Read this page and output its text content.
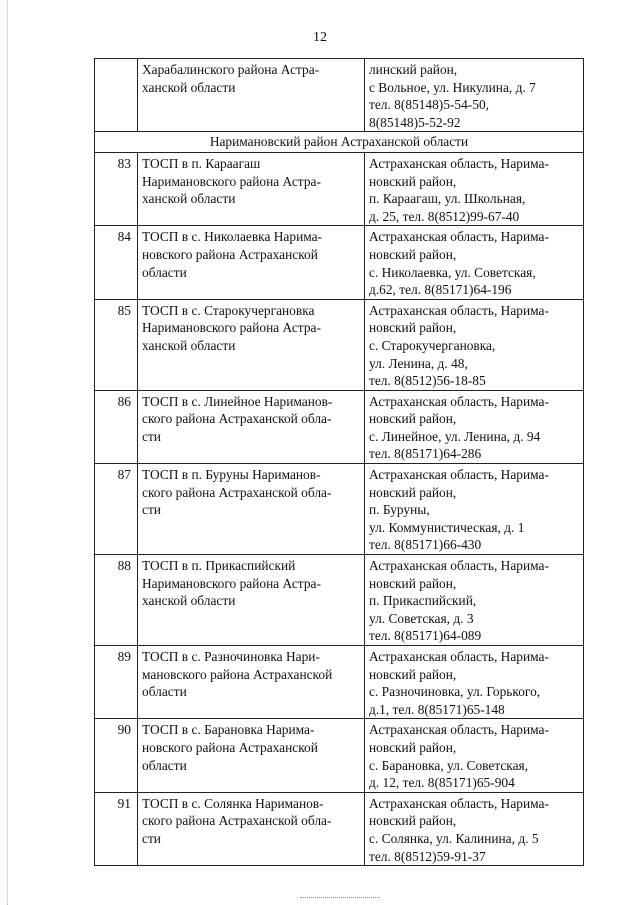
12

	Харабалинского района Астра-
ханской области	линский район,
с Вольное, ул. Никулина, д. 7
тел. 8(85148)5-54-50,
8(85148)5-52-92

Наримановский район Астраханской области		
83	ТОСП в п. Караагаш
Наримановского района Астра-
ханской области	Астраханская область, Нарима-
новский район,
п. Караагаш, ул. Школьная,
д. 25, тел. 8(8512)99-67-40

84	ТОСП в с. Николаевка Нарима-
новского района Астраханской
области	Астраханская область, Нарима-
новский район,
с. Николаевка, ул. Советская,
д.62, тел. 8(85171)64-196

85	ТОСП в с. Старокучергановка
Наримановского района Астра-
ханской области	Астраханская область, Нарима-
новский район,
с. Старокучергановка,
ул. Ленина, д. 48,
тел. 8(8512)56-18-85

86	ТОСП в с. Линейное Нариманов-
ского района Астраханской обла-
сти	Астраханская область, Нарима-
новский район,
с. Линейное, ул. Ленина, д. 94
тел. 8(85171)64-286

87	ТОСП в п. Буруны Нариманов-
ского района Астраханской обла-
сти	Астраханская область, Нарима-
новский район,
п. Буруны,
ул. Коммунистическая, д. 1
тел. 8(85171)66-430

88	ТОСП в п. Прикаспийский
Наримановского района Астра-
ханской области	Астраханская область, Нарима-
новский район,
п. Прикаспийский,
ул. Советская, д. 3
тел. 8(85171)64-089

89	ТОСП в с. Разночиновка Нари-
мановского района Астраханской
области	Астраханская область, Нарима-
новский район,
с. Разночиновка, ул. Горького,
д.1, тел. 8(85171)65-148

90	ТОСП в с. Барановка Нарима-
новского района Астраханской
области	Астраханская область, Нарима-
новский район,
с. Барановка, ул. Советская,
д. 12, тел. 8(85171)65-904

91	ТОСП в с. Солянка Нариманов-
ского района Астраханской обла-
сти	Астраханская область, Нарима-
новский район,
с. Солянка, ул. Калинина, д. 5
тел. 8(8512)59-91-37
